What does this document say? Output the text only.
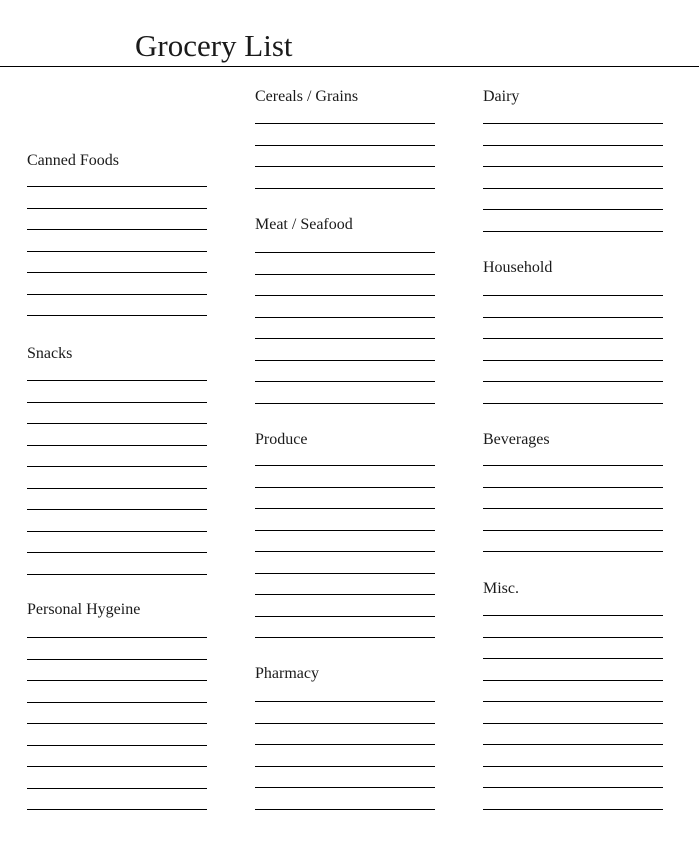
Grocery List
Canned Foods
Snacks
Personal Hygeine
Cereals / Grains
Meat / Seafood
Produce
Pharmacy
Dairy
Household
Beverages
Misc.
